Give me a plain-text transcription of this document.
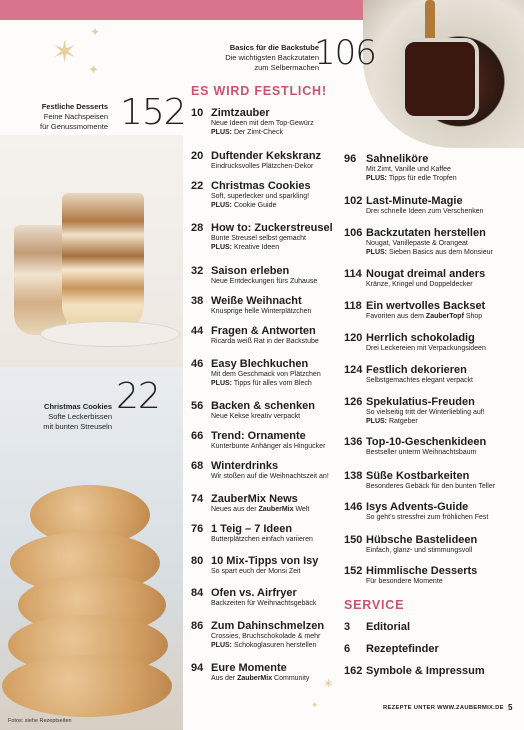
✶
✦
✦
Festliche Desserts
Feine Nachspeisen
für Genussmomente 152
Christmas Cookies
Softe Leckerbissen
mit bunten Streuseln
22
Fotos: siehe Rezeptseiten
Basics für die Backstube
Die wichtigsten Backzutaten
zum Selbermachen
106
ES WIRD FESTLICH!
SERVICE
10 Zimtzauber
Neue Ideen mit dem Top-Gewürz
PLUS: Der Zimt-Check
20 Duftender Kekskranz
Eindrucksvolles Plätzchen-Dekor
22 Christmas Cookies
Soft, superlecker und sparkling!
PLUS: Cookie Guide
28 How to: Zuckerstreusel
Bunte Streusel selbst gemacht
PLUS: Kreative Ideen
32 Saison erleben
Neue Entdeckungen fürs Zuhause
38 Weiße Weihnacht
Knusprige helle Winterplätzchen
44 Fragen & Antworten
Ricarda weiß Rat in der Backstube
46 Easy Blechkuchen
Mit dem Geschmack von Plätzchen
PLUS: Tipps für alles vom Blech
56 Backen & schenken
Neue Kekse kreativ verpackt
66 Trend: Ornamente
Kunterbunte Anhänger als Hingucker
68 Winterdrinks
Wir stoßen auf die Weihnachtszeit an!
74 ZauberMix News
Neues aus der ZauberMix Welt
76 1 Teig – 7 Ideen
Butterplätzchen einfach variieren
80 10 Mix-Tipps von Isy
So spart euch der Monsi Zeit
84 Ofen vs. Airfryer
Backzeiten für Weihnachtsgebäck
86 Zum Dahinschmelzen
Crossies, Bruchschokolade & mehr
PLUS: Schokoglasuren herstellen
94 Eure Momente
Aus der ZauberMix Community
96 Sahneliköre
Mit Zimt, Vanille und Kaffee
PLUS: Tipps für edle Tropfen
102 Last-Minute-Magie
Drei schnelle Ideen zum Verschenken
106 Backzutaten herstellen
Nougat, Vanillepaste & Orangeat
PLUS: Sieben Basics aus dem Monsieur
114 Nougat dreimal anders
Kränze, Kringel und Doppeldecker
118 Ein wertvolles Backset
Favoriten aus dem ZauberTopf Shop
120 Herrlich schokoladig
Drei Leckereien mit Verpackungsideen
124 Festlich dekorieren
Selbstgemachtes elegant verpackt
126 Spekulatius-Freuden
So vielseitig tritt der Winterliebling auf!
PLUS: Ratgeber
136 Top-10-Geschenkideen
Bestseller unterm Weihnachtsbaum
138 Süße Kostbarkeiten
Besonderes Gebäck für den bunten Teller
146 Isys Advents-Guide
So geht's stressfrei zum fröhlichen Fest
150 Hübsche Bastelideen
Einfach, glanz- und stimmungsvoll
152 Himmlische Desserts
Für besondere Momente
3	Editorial
6	Rezeptefinder
162 Symbole & Impressum
✶
✦	REZEPTE UNTER WWW.ZAUBERMIX.DE 5
